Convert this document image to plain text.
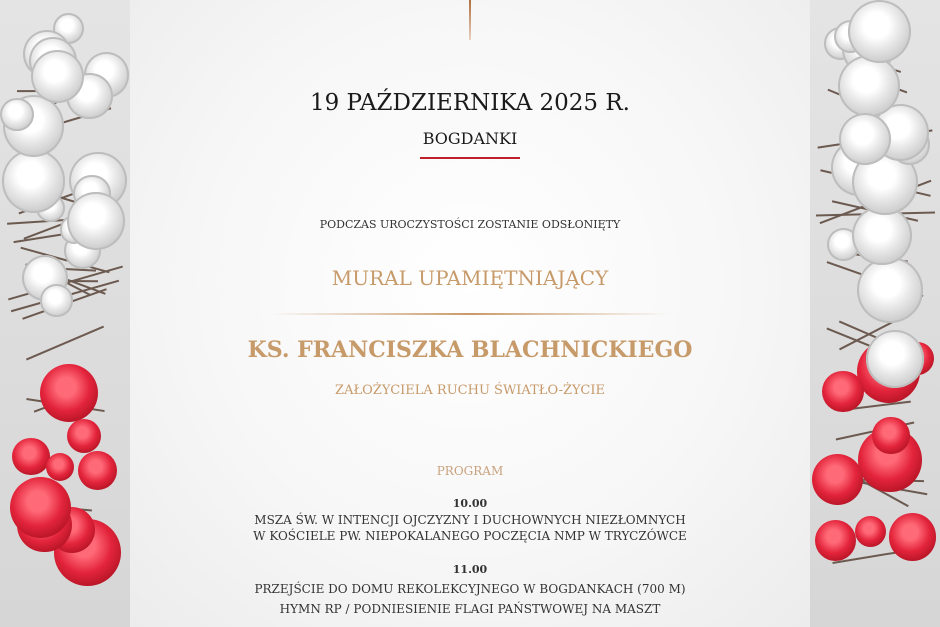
19 PAŹDZIERNIKA 2025 R.

BOGDANKI

PODCZAS UROCZYSTOŚCI ZOSTANIE ODSŁONIĘTY

MURAL UPAMIĘTNIAJĄCY

KS. FRANCISZKA BLACHNICKIEGO

ZAŁOŻYCIELA RUCHU ŚWIATŁO-ŻYCIE

PROGRAM

10.00

MSZA ŚW. W INTENCJI OJCZYZNY I DUCHOWNYCH NIEZŁOMNYCH

W KOŚCIELE PW. NIEPOKALANEGO POCZĘCIA NMP W TRYCZÓWCE

11.00

PRZEJŚCIE DO DOMU REKOLEKCYJNEGO W BOGDANKACH (700 M)

HYMN RP / PODNIESIENIE FLAGI PAŃSTWOWEJ NA MASZT
